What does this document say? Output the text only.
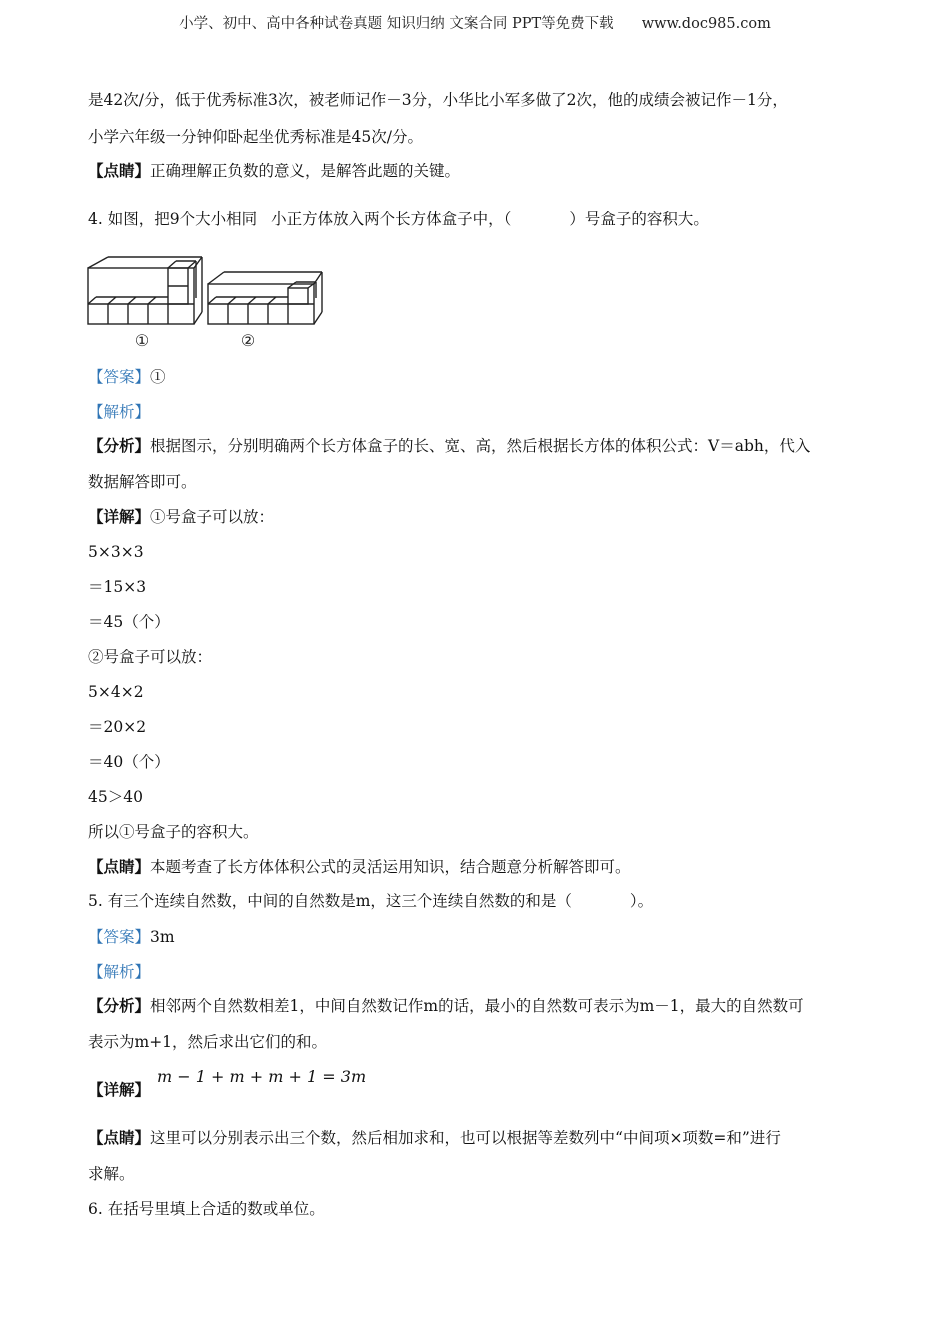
小学、初中、高中各种试卷真题 知识归纳 文案合同 PPT等免费下载 www.doc985.com
是42次/分，低于优秀标准3次，被老师记作－3分，小华比小军多做了2次，他的成绩会被记作－1分，
小学六年级一分钟仰卧起坐优秀标准是45次/分。
【点睛】正确理解正负数的意义，是解答此题的关键。
4. 如图，把9个大小相同 小正方体放入两个长方体盒子中，（	）号盒子的容积大。
①	②
【答案】①
【解析】
【分析】根据图示，分别明确两个长方体盒子的长、宽、高，然后根据长方体的体积公式：V＝abh，代入
数据解答即可。
【详解】①号盒子可以放：
5×3×3
＝15×3
＝45（个）
②号盒子可以放：
5×4×2
＝20×2
＝40（个）
45＞40
所以①号盒子的容积大。
【点睛】本题考查了长方体体积公式的灵活运用知识，结合题意分析解答即可。
5. 有三个连续自然数，中间的自然数是m，这三个连续自然数的和是（	）。
【答案】3m
【解析】
【分析】相邻两个自然数相差1，中间自然数记作m的话，最小的自然数可表示为m－1，最大的自然数可
表示为m+1，然后求出它们的和。
【详解】
m − 1 + m + m + 1 = 3m
【点睛】这里可以分别表示出三个数，然后相加求和，也可以根据等差数列中“中间项×项数=和”进行
求解。
6. 在括号里填上合适的数或单位。
